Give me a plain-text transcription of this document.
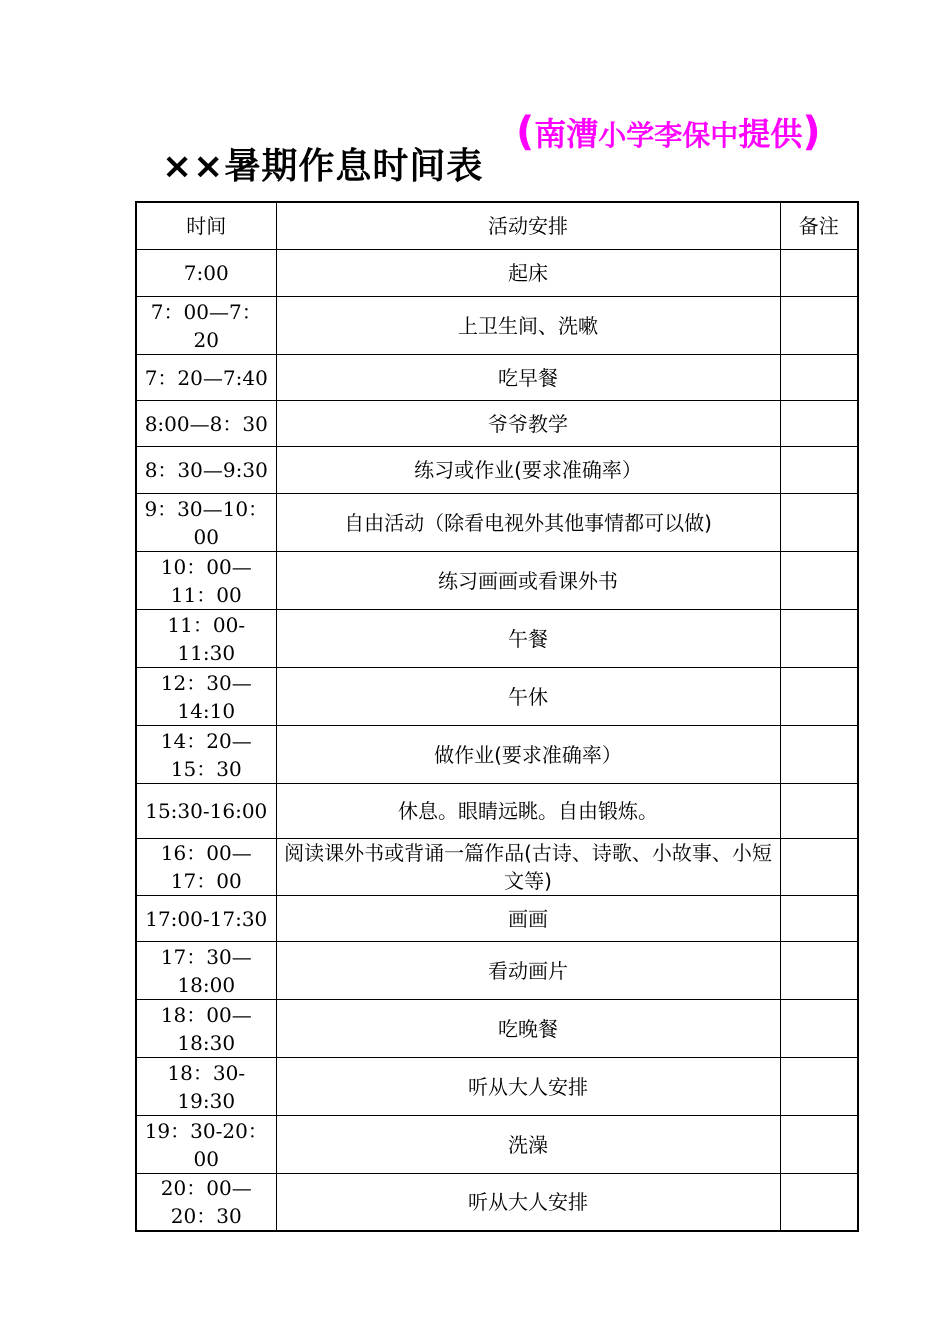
××暑期作息时间表
(南漕小学李保中提供)
时间	活动安排	备注
7:00	起床	
7：00—7：20	上卫生间、洗嗽	
7：20—7:40	吃早餐	
8:00—8：30	爷爷教学	
8：30—9:30	练习或作业(要求准确率）	
9：30—10：00	自由活动（除看电视外其他事情都可以做)	
10：00—11：00	练习画画或看课外书	
11：00-11:30	午餐	
12：30—14:10	午休	
14：20—15：30	做作业(要求准确率）	
15:30-16:00	休息。眼睛远眺。自由锻炼。	
16：00—17：00	阅读课外书或背诵一篇作品(古诗、诗歌、小故事、小短文等)	
17:00-17:30	画画	
17：30—18:00	看动画片	
18：00—18:30	吃晚餐	
18：30-19:30	听从大人安排	
19：30-20：00	洗澡	
20：00—20：30	听从大人安排	
